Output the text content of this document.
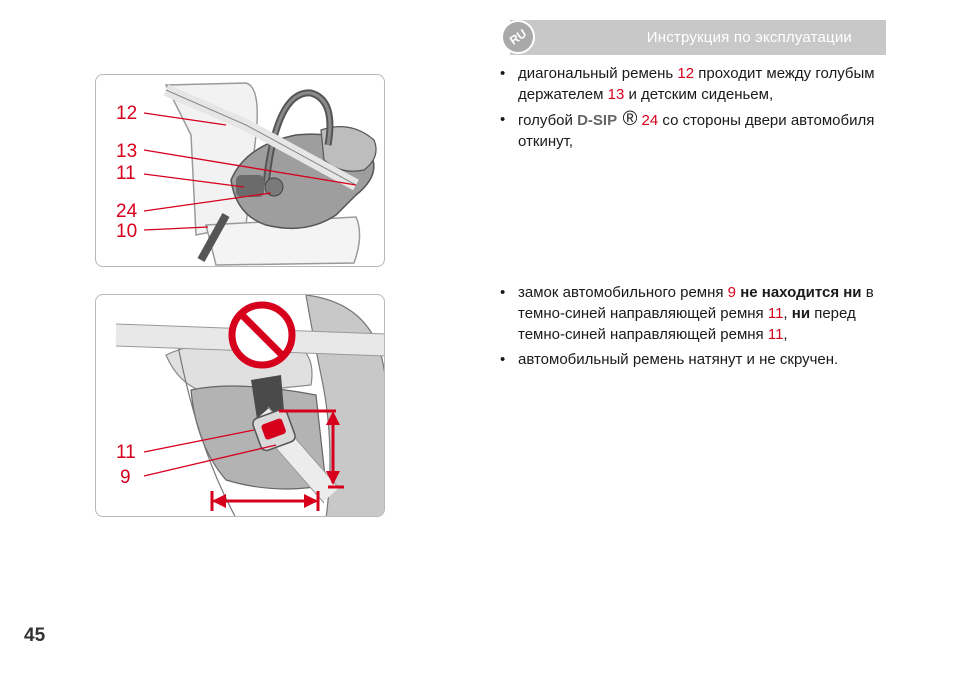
Инструкция по эксплуатации
RU
12
13
11
24
10
11
9
• диагональный ремень 12 проходит между голубым держателем 13 и детским сиденьем,
• голубой D-SIP ® 24 со стороны двери автомобиля откинут,
• замок автомобильного ремня 9 не находится ни в темно-синей направляющей ремня 11, ни перед темно-синей направляющей ремня 11,
• автомобильный ремень натянут и не скручен.
45
